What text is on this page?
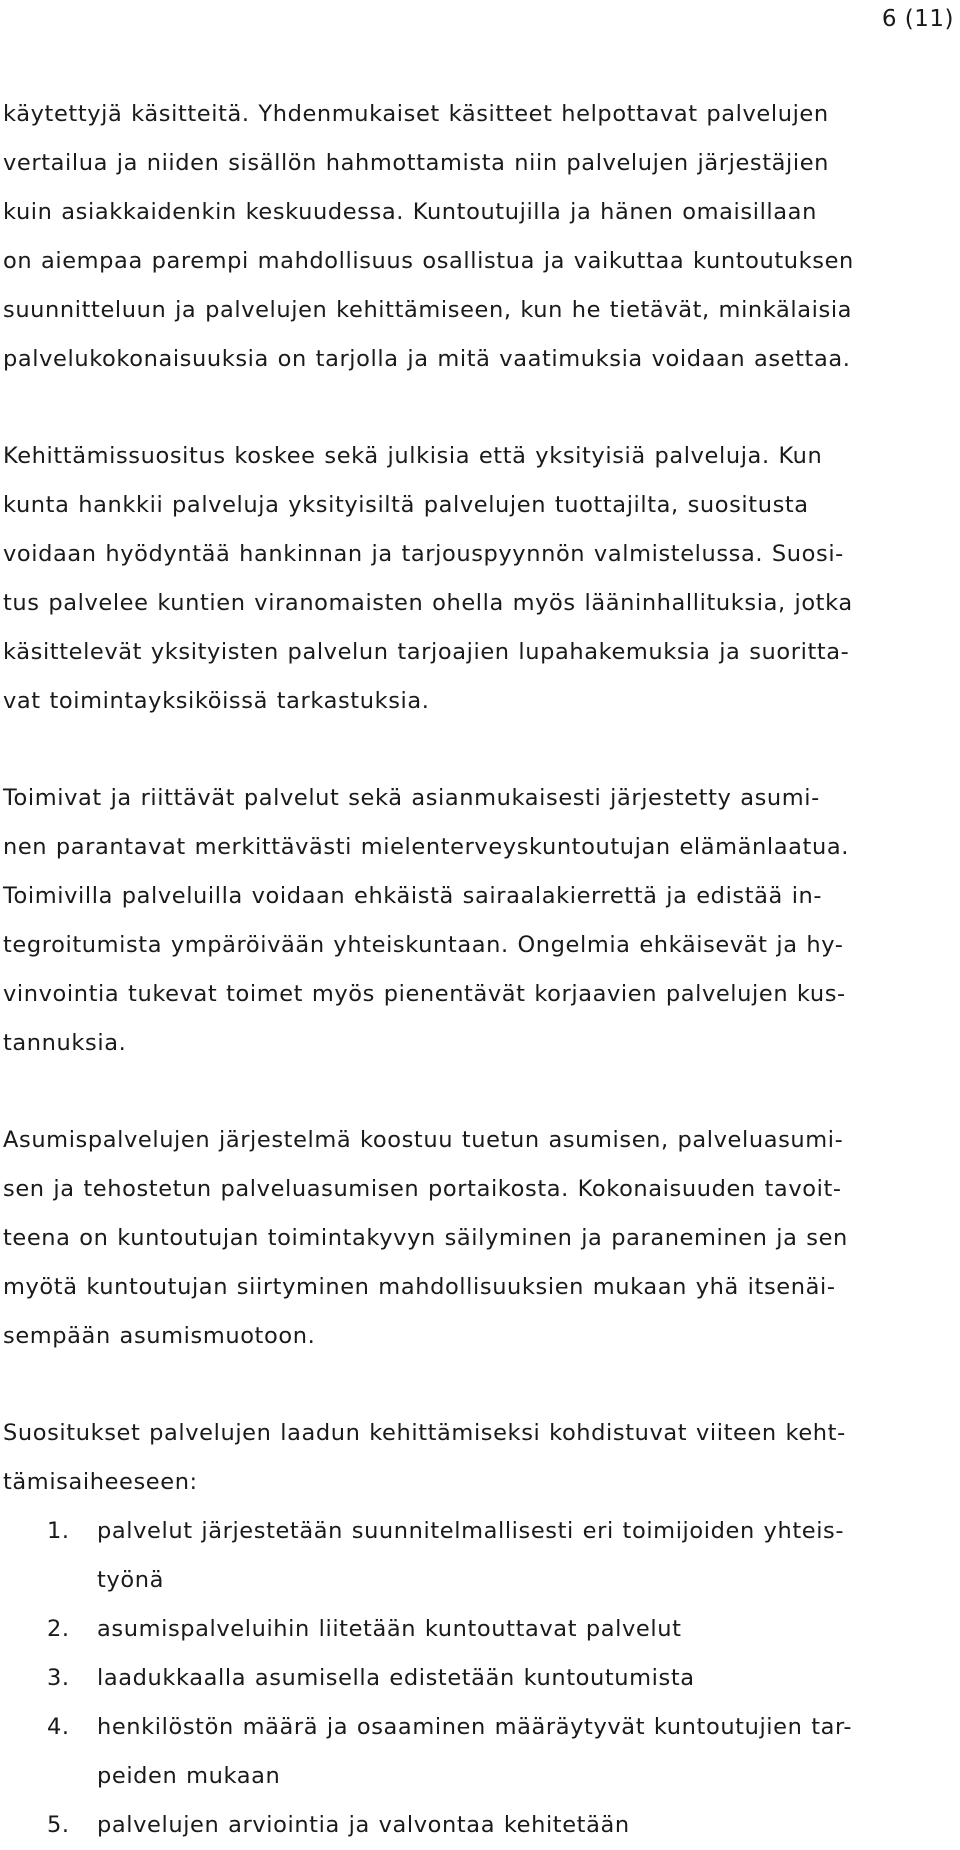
6 (11)

käytettyjä käsitteitä. Yhdenmukaiset käsitteet helpottavat palvelujen
vertailua ja niiden sisällön hahmottamista niin palvelujen järjestäjien
kuin asiakkaidenkin keskuudessa. Kuntoutujilla ja hänen omaisillaan
on aiempaa parempi mahdollisuus osallistua ja vaikuttaa kuntoutuksen
suunnitteluun ja palvelujen kehittämiseen, kun he tietävät, minkälaisia
palvelukokonaisuuksia on tarjolla ja mitä vaatimuksia voidaan asettaa.

Kehittämissuositus koskee sekä julkisia että yksityisiä palveluja. Kun
kunta hankkii palveluja yksityisiltä palvelujen tuottajilta, suositusta
voidaan hyödyntää hankinnan ja tarjouspyynnön valmistelussa. Suosi-
tus palvelee kuntien viranomaisten ohella myös lääninhallituksia, jotka
käsittelevät yksityisten palvelun tarjoajien lupahakemuksia ja suoritta-
vat toimintayksiköissä tarkastuksia.

Toimivat ja riittävät palvelut sekä asianmukaisesti järjestetty asumi-
nen parantavat merkittävästi mielenterveyskuntoutujan elämänlaatua.
Toimivilla palveluilla voidaan ehkäistä sairaalakierrettä ja edistää in-
tegroitumista ympäröivään yhteiskuntaan. Ongelmia ehkäisevät ja hy-
vinvointia tukevat toimet myös pienentävät korjaavien palvelujen kus-
tannuksia.

Asumispalvelujen järjestelmä koostuu tuetun asumisen, palveluasumi-
sen ja tehostetun palveluasumisen portaikosta. Kokonaisuuden tavoit-
teena on kuntoutujan toimintakyvyn säilyminen ja paraneminen ja sen
myötä kuntoutujan siirtyminen mahdollisuuksien mukaan yhä itsenäi-
sempään asumismuotoon.

Suositukset palvelujen laadun kehittämiseksi kohdistuvat viiteen keht-
tämisaiheeseen:

1. palvelut järjestetään suunnitelmallisesti eri toimijoiden yhteis-
työnä
2. asumispalveluihin liitetään kuntouttavat palvelut
3. laadukkaalla asumisella edistetään kuntoutumista
4. henkilöstön määrä ja osaaminen määräytyvät kuntoutujien tar-
peiden mukaan
5. palvelujen arviointia ja valvontaa kehitetään
